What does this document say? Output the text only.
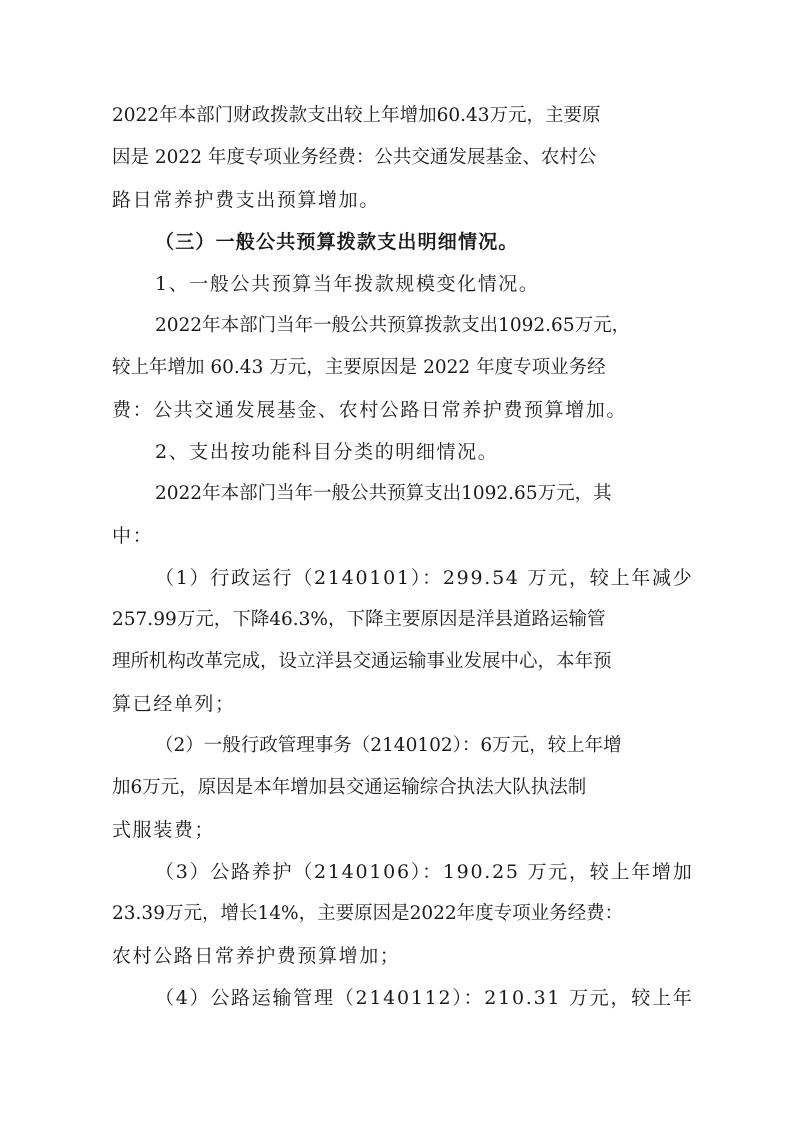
2022年本部门财政拨款支出较上年增加60.43万元，主要原
因是 2022 年度专项业务经费：公共交通发展基金、农村公
路日常养护费支出预算增加。
（三）一般公共预算拨款支出明细情况。
1、一般公共预算当年拨款规模变化情况。
2022年本部门当年一般公共预算拨款支出1092.65万元，
较上年增加 60.43 万元，主要原因是 2022 年度专项业务经
费：公共交通发展基金、农村公路日常养护费预算增加。
2、支出按功能科目分类的明细情况。
2022年本部门当年一般公共预算支出1092.65万元，其
中：
（1）行政运行（2140101）：299.54 万元，较上年减少
257.99万元，下降46.3%，下降主要原因是洋县道路运输管
理所机构改革完成，设立洋县交通运输事业发展中心，本年预
算已经单列；
（2）一般行政管理事务（2140102）：6万元，较上年增
加6万元，原因是本年增加县交通运输综合执法大队执法制
式服装费；
（3）公路养护（2140106）：190.25 万元，较上年增加
23.39万元，增长14%，主要原因是2022年度专项业务经费：
农村公路日常养护费预算增加；
（4）公路运输管理（2140112）：210.31 万元，较上年
